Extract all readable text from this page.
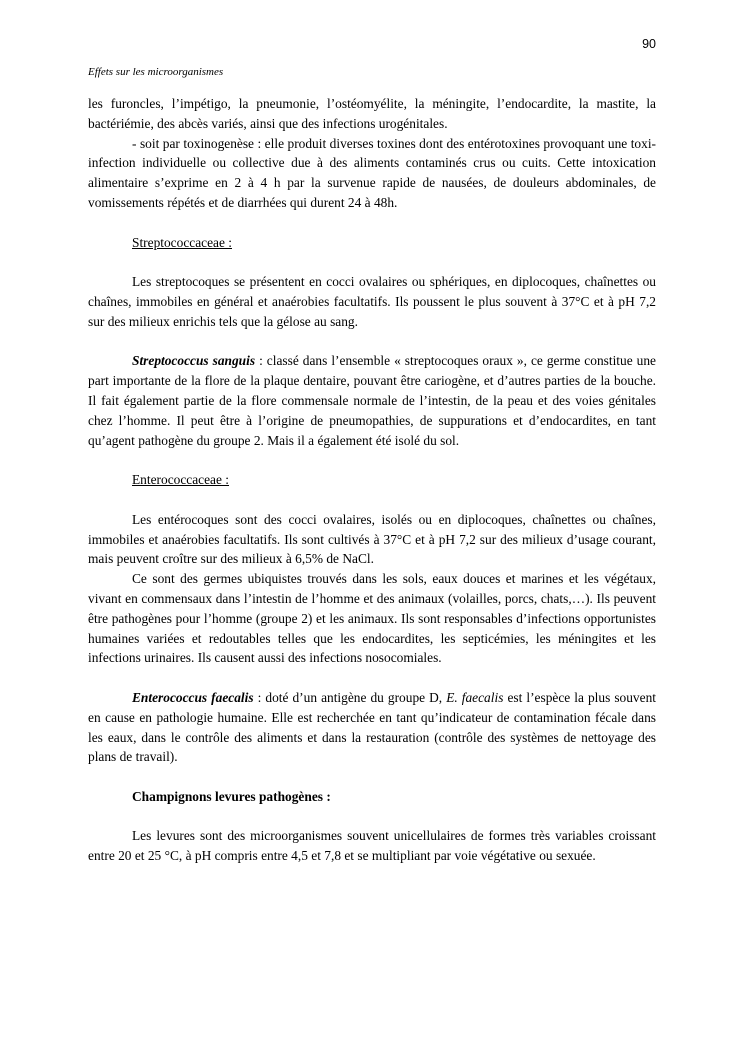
90
Effets sur les microorganismes

les furoncles, l’impétigo, la pneumonie, l’ostéomyélite, la méningite, l’endocardite, la mastite, la bactériémie, des abcès variés, ainsi que des infections urogénitales.

- soit par toxinogenèse : elle produit diverses toxines dont des entérotoxines provoquant une toxi-infection individuelle ou collective due à des aliments contaminés crus ou cuits. Cette intoxication alimentaire s’exprime en 2 à 4 h par la survenue rapide de nausées, de douleurs abdominales, de vomissements répétés et de diarrhées qui durent 24 à 48h.

Streptococcaceae :

Les streptocoques se présentent en cocci ovalaires ou sphériques, en diplocoques, chaînettes ou chaînes, immobiles en général et anaérobies facultatifs. Ils poussent le plus souvent à 37°C et à pH 7,2 sur des milieux enrichis tels que la gélose au sang.

Streptococcus sanguis : classé dans l’ensemble « streptocoques oraux », ce germe constitue une part importante de la flore de la plaque dentaire, pouvant être cariogène, et d’autres parties de la bouche. Il fait également partie de la flore commensale normale de l’intestin, de la peau et des voies génitales chez l’homme. Il peut être à l’origine de pneumopathies, de suppurations et d’endocardites, en tant qu’agent pathogène du groupe 2. Mais il a également été isolé du sol.

Enterococcaceae :

Les entérocoques sont des cocci ovalaires, isolés ou en diplocoques, chaînettes ou chaînes, immobiles et anaérobies facultatifs. Ils sont cultivés à 37°C et à pH 7,2 sur des milieux d’usage courant, mais peuvent croître sur des milieux à 6,5% de NaCl.

Ce sont des germes ubiquistes trouvés dans les sols, eaux douces et marines et les végétaux, vivant en commensaux dans l’intestin de l’homme et des animaux (volailles, porcs, chats,…). Ils peuvent être pathogènes pour l’homme (groupe 2) et les animaux. Ils sont responsables d’infections opportunistes humaines variées et redoutables telles que les endocardites, les septicémies, les méningites et les infections urinaires. Ils causent aussi des infections nosocomiales.

Enterococcus faecalis : doté d’un antigène du groupe D, E. faecalis est l’espèce la plus souvent en cause en pathologie humaine. Elle est recherchée en tant qu’indicateur de contamination fécale dans les eaux, dans le contrôle des aliments et dans la restauration (contrôle des systèmes de nettoyage des plans de travail).

Champignons levures pathogènes :

Les levures sont des microorganismes souvent unicellulaires de formes très variables croissant entre 20 et 25 °C, à pH compris entre 4,5 et 7,8 et se multipliant par voie végétative ou sexuée.
